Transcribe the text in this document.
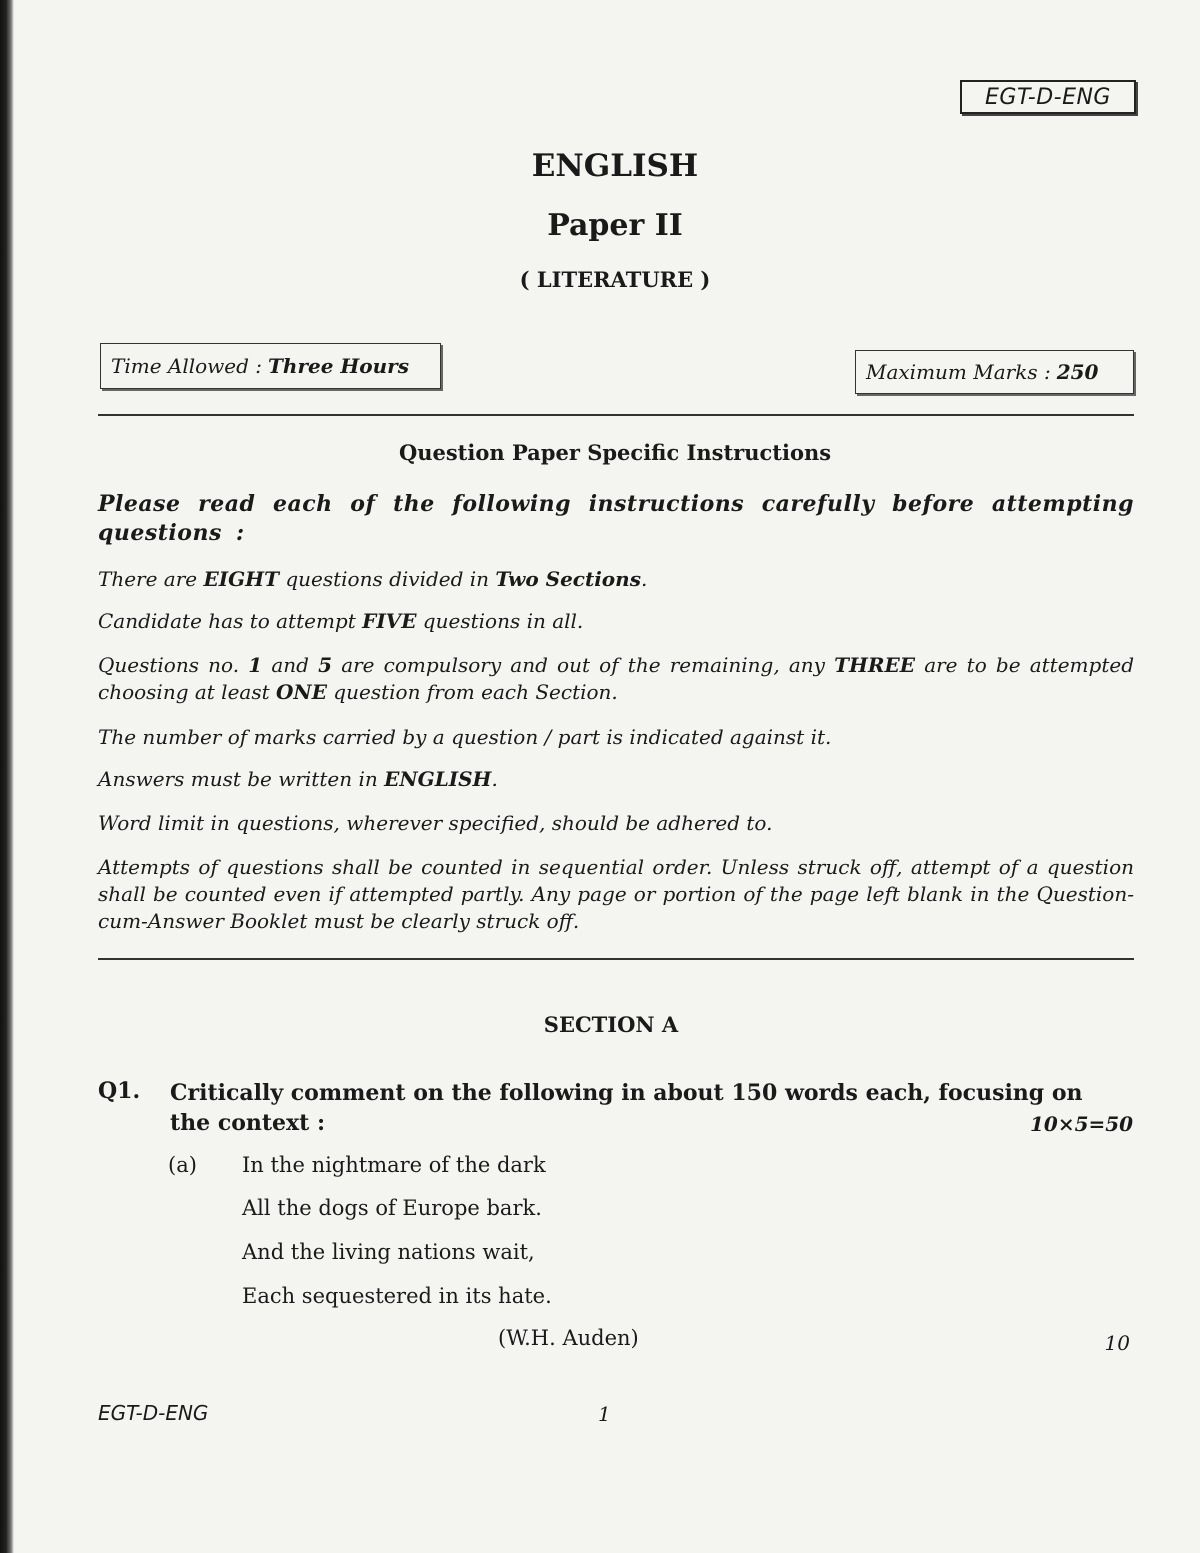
EGT-D-ENG
ENGLISH
Paper II
( LITERATURE )
Time Allowed : Three Hours	Maximum Marks : 250
Question Paper Specific Instructions
Please read each of the following instructions carefully before attempting questions :
There are EIGHT questions divided in Two Sections.
Candidate has to attempt FIVE questions in all.
Questions no. 1 and 5 are compulsory and out of the remaining, any THREE are to be attempted choosing at least ONE question from each Section.
The number of marks carried by a question / part is indicated against it.
Answers must be written in ENGLISH.
Word limit in questions, wherever specified, should be adhered to.
Attempts of questions shall be counted in sequential order. Unless struck off, attempt of a question shall be counted even if attempted partly. Any page or portion of the page left blank in the Question-cum-Answer Booklet must be clearly struck off.
SECTION A
Q1. Critically comment on the following in about 150 words each, focusing on the context :	10×5=50
(a) In the nightmare of the dark
All the dogs of Europe bark.
And the living nations wait,
Each sequestered in its hate.
(W.H. Auden)	10
EGT-D-ENG	1
